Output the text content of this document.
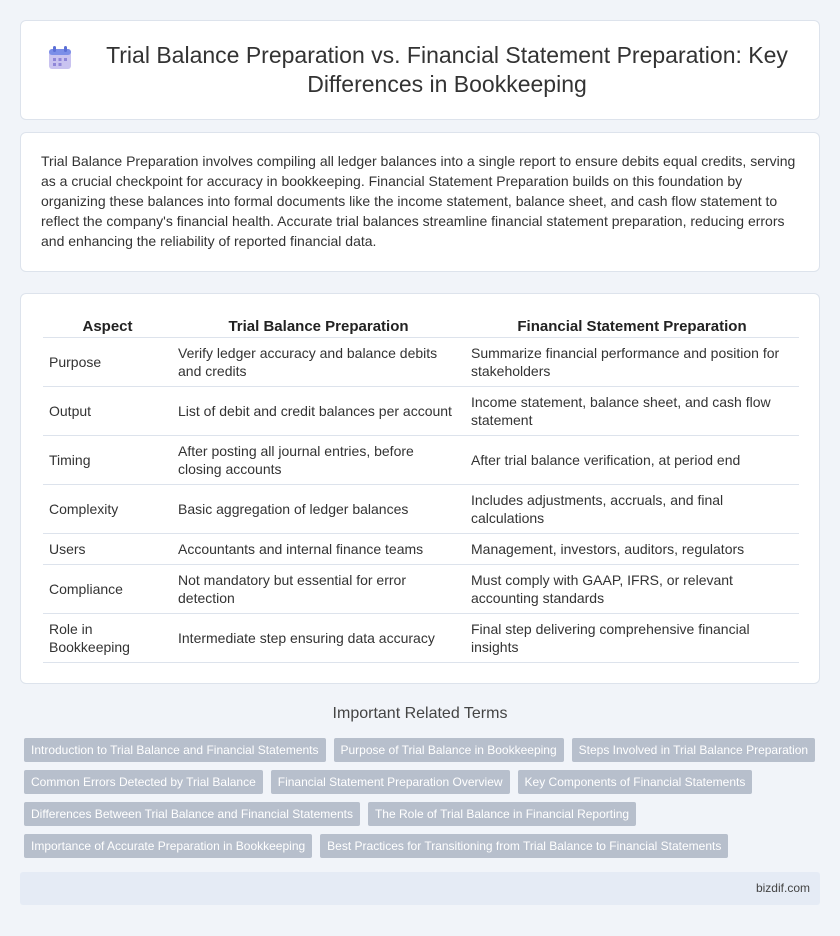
Trial Balance Preparation vs. Financial Statement Preparation: Key Differences in Bookkeeping

Trial Balance Preparation involves compiling all ledger balances into a single report to ensure debits equal credits, serving as a crucial checkpoint for accuracy in bookkeeping. Financial Statement Preparation builds on this foundation by organizing these balances into formal documents like the income statement, balance sheet, and cash flow statement to reflect the company's financial health. Accurate trial balances streamline financial statement preparation, reducing errors and enhancing the reliability of reported financial data.

Aspect	Trial Balance Preparation	Financial Statement Preparation
Purpose	Verify ledger accuracy and balance debits and credits	Summarize financial performance and position for stakeholders
Output	List of debit and credit balances per account	Income statement, balance sheet, and cash flow statement
Timing	After posting all journal entries, before closing accounts	After trial balance verification, at period end
Complexity	Basic aggregation of ledger balances	Includes adjustments, accruals, and final calculations
Users	Accountants and internal finance teams	Management, investors, auditors, regulators
Compliance	Not mandatory but essential for error detection	Must comply with GAAP, IFRS, or relevant accounting standards
Role in Bookkeeping	Intermediate step ensuring data accuracy	Final step delivering comprehensive financial insights
Important Related Terms
Introduction to Trial Balance and Financial Statements	Purpose of Trial Balance in Bookkeeping	Steps Involved in Trial Balance Preparation
Common Errors Detected by Trial Balance	Financial Statement Preparation Overview	Key Components of Financial Statements
Differences Between Trial Balance and Financial Statements	The Role of Trial Balance in Financial Reporting
Importance of Accurate Preparation in Bookkeeping	Best Practices for Transitioning from Trial Balance to Financial Statements
bizdif.com
